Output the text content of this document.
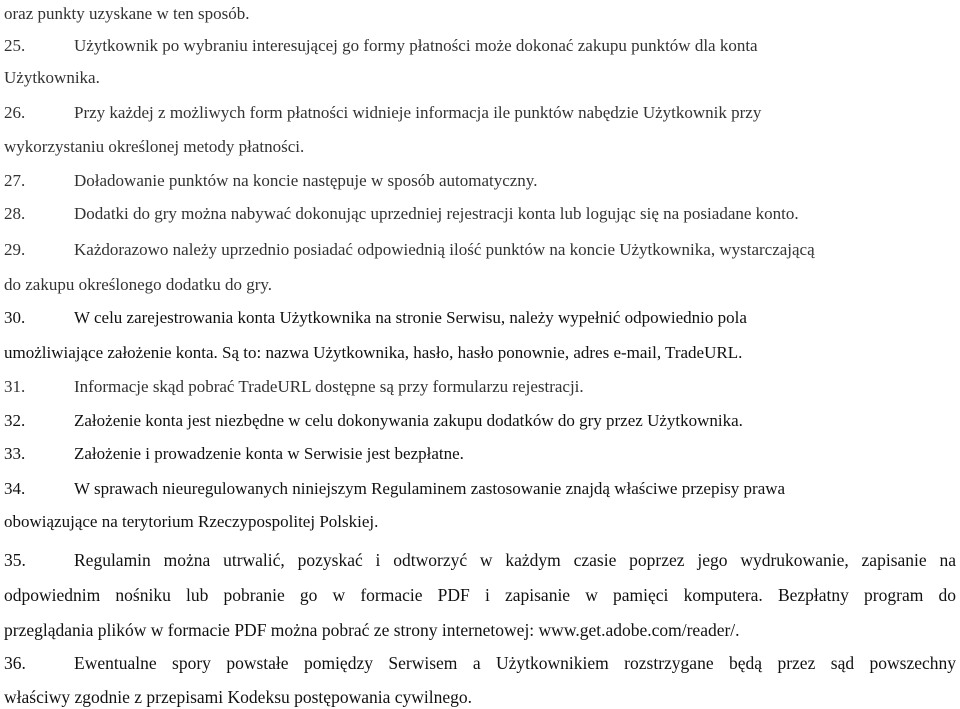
oraz punkty uzyskane w ten sposób.
25.	Użytkownik po wybraniu interesującej go formy płatności może dokonać zakupu punktów dla konta
Użytkownika.
26.	Przy każdej z możliwych form płatności widnieje informacja ile punktów nabędzie Użytkownik przy
wykorzystaniu określonej metody płatności.
27.	Doładowanie punktów na koncie następuje w sposób automatyczny.
28.	Dodatki do gry można nabywać dokonując uprzedniej rejestracji konta lub logując się na posiadane konto.
29.	Każdorazowo należy uprzednio posiadać odpowiednią ilość punktów na koncie Użytkownika, wystarczającą
do zakupu określonego dodatku do gry.
30.	W celu zarejestrowania konta Użytkownika na stronie Serwisu, należy wypełnić odpowiednio pola
umożliwiające założenie konta. Są to: nazwa Użytkownika, hasło, hasło ponownie, adres e-mail, TradeURL.
31.	Informacje skąd pobrać TradeURL dostępne są przy formularzu rejestracji.
32.	Założenie konta jest niezbędne w celu dokonywania zakupu dodatków do gry przez Użytkownika.
33.	Założenie i prowadzenie konta w Serwisie jest bezpłatne.
34.	W sprawach nieuregulowanych niniejszym Regulaminem zastosowanie znajdą właściwe przepisy prawa
obowiązujące na terytorium Rzeczypospolitej Polskiej.
35.	Regulamin można utrwalić, pozyskać i odtworzyć w każdym czasie poprzez jego wydrukowanie, zapisanie na
odpowiednim nośniku lub pobranie go w formacie PDF i zapisanie w pamięci komputera. Bezpłatny program do
przeglądania plików w formacie PDF można pobrać ze strony internetowej: www.get.adobe.com/reader/.
36.	Ewentualne spory powstałe pomiędzy Serwisem a Użytkownikiem rozstrzygane będą przez sąd powszechny
właściwy zgodnie z przepisami Kodeksu postępowania cywilnego.
